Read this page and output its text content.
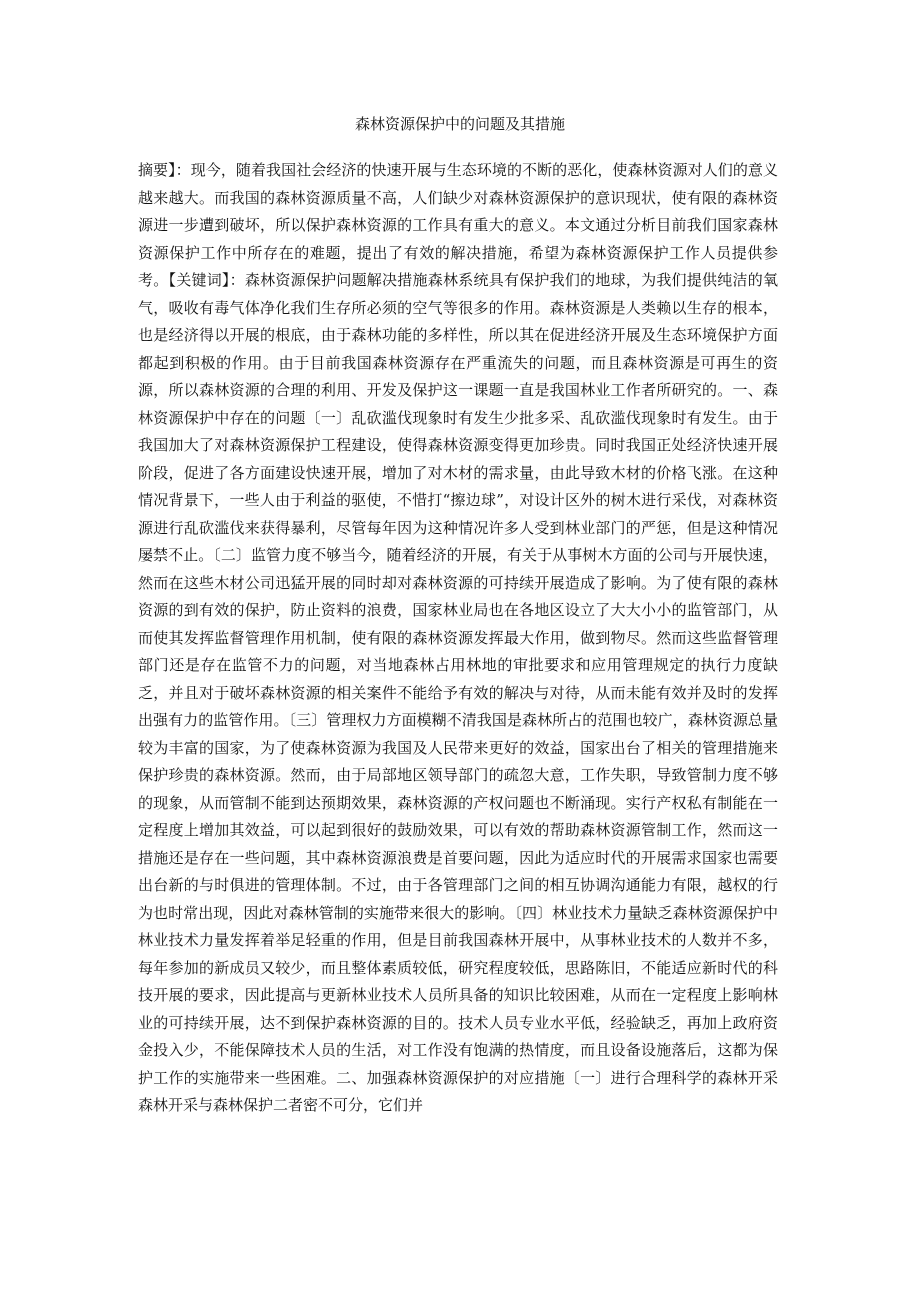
森林资源保护中的问题及其措施

摘要】：现今，随着我国社会经济的快速开展与生态环境的不断的恶化，使森林资源对人们的意义越来越大。而我国的森林资源质量不高，人们缺少对森林资源保护的意识现状，使有限的森林资源进一步遭到破坏，所以保护森林资源的工作具有重大的意义。本文通过分析目前我们国家森林资源保护工作中所存在的难题，提出了有效的解决措施，希望为森林资源保护工作人员提供参考。【关键词】：森林资源保护问题解决措施森林系统具有保护我们的地球，为我们提供纯洁的氧气，吸收有毒气体净化我们生存所必须的空气等很多的作用。森林资源是人类赖以生存的根本，也是经济得以开展的根底，由于森林功能的多样性，所以其在促进经济开展及生态环境保护方面都起到积极的作用。由于目前我国森林资源存在严重流失的问题，而且森林资源是可再生的资源，所以森林资源的合理的利用、开发及保护这一课题一直是我国林业工作者所研究的。一、森林资源保护中存在的问题〔一〕乱砍滥伐现象时有发生少批多采、乱砍滥伐现象时有发生。由于我国加大了对森林资源保护工程建设，使得森林资源变得更加珍贵。同时我国正处经济快速开展阶段，促进了各方面建设快速开展，增加了对木材的需求量，由此导致木材的价格飞涨。在这种情况背景下，一些人由于利益的驱使，不惜打“擦边球”，对设计区外的树木进行采伐，对森林资源进行乱砍滥伐来获得暴利，尽管每年因为这种情况许多人受到林业部门的严惩，但是这种情况屡禁不止。〔二〕监管力度不够当今，随着经济的开展，有关于从事树木方面的公司与开展快速，然而在这些木材公司迅猛开展的同时却对森林资源的可持续开展造成了影响。为了使有限的森林资源的到有效的保护，防止资料的浪费，国家林业局也在各地区设立了大大小小的监管部门，从而使其发挥监督管理作用机制，使有限的森林资源发挥最大作用，做到物尽。然而这些监督管理部门还是存在监管不力的问题，对当地森林占用林地的审批要求和应用管理规定的执行力度缺乏，并且对于破坏森林资源的相关案件不能给予有效的解决与对待，从而未能有效并及时的发挥出强有力的监管作用。〔三〕管理权力方面模糊不清我国是森林所占的范围也较广，森林资源总量较为丰富的国家，为了使森林资源为我国及人民带来更好的效益，国家出台了相关的管理措施来保护珍贵的森林资源。然而，由于局部地区领导部门的疏忽大意，工作失职，导致管制力度不够的现象，从而管制不能到达预期效果，森林资源的产权问题也不断涌现。实行产权私有制能在一定程度上增加其效益，可以起到很好的鼓励效果，可以有效的帮助森林资源管制工作，然而这一措施还是存在一些问题，其中森林资源浪费是首要问题，因此为适应时代的开展需求国家也需要出台新的与时俱进的管理体制。不过，由于各管理部门之间的相互协调沟通能力有限，越权的行为也时常出现，因此对森林管制的实施带来很大的影响。〔四〕林业技术力量缺乏森林资源保护中林业技术力量发挥着举足轻重的作用，但是目前我国森林开展中，从事林业技术的人数并不多，每年参加的新成员又较少，而且整体素质较低，研究程度较低，思路陈旧，不能适应新时代的科技开展的要求，因此提高与更新林业技术人员所具备的知识比较困难，从而在一定程度上影响林业的可持续开展，达不到保护森林资源的目的。技术人员专业水平低，经验缺乏，再加上政府资金投入少，不能保障技术人员的生活，对工作没有饱满的热情度，而且设备设施落后，这都为保护工作的实施带来一些困难。二、加强森林资源保护的对应措施〔一〕进行合理科学的森林开采森林开采与森林保护二者密不可分，它们并
